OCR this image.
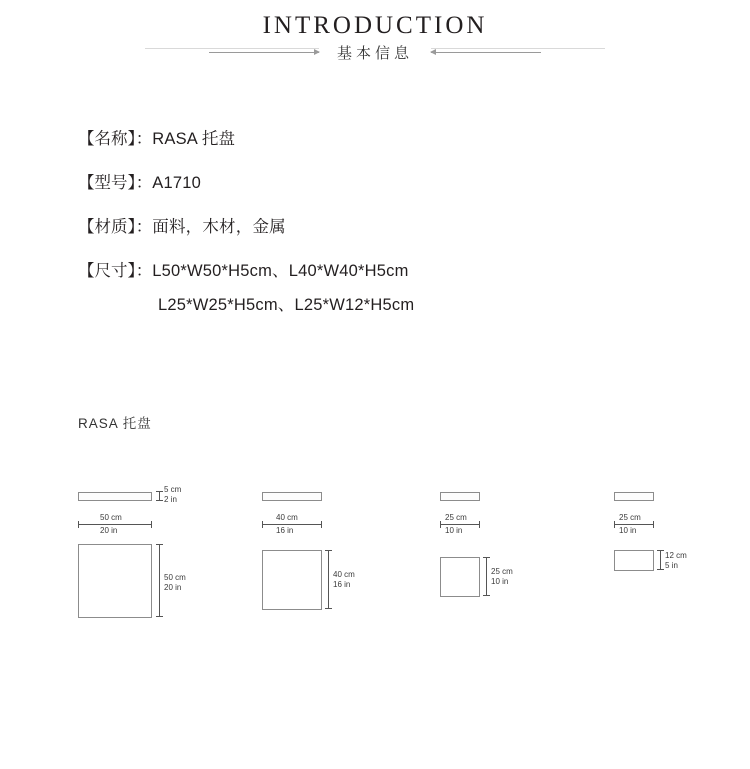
INTRODUCTION
基本信息
【名称】：RASA 托盘
【型号】：A1710
【材质】：面料，木材，金属
【尺寸】：L50*W50*H5cm、L40*W40*H5cm
L25*W25*H5cm、L25*W12*H5cm
RASA 托盘
5 cm
2 in
50 cm
20 in
50 cm
20 in
40 cm
16 in
40 cm
16 in
25 cm
10 in
25 cm
10 in
25 cm
10 in
12 cm
5 in
